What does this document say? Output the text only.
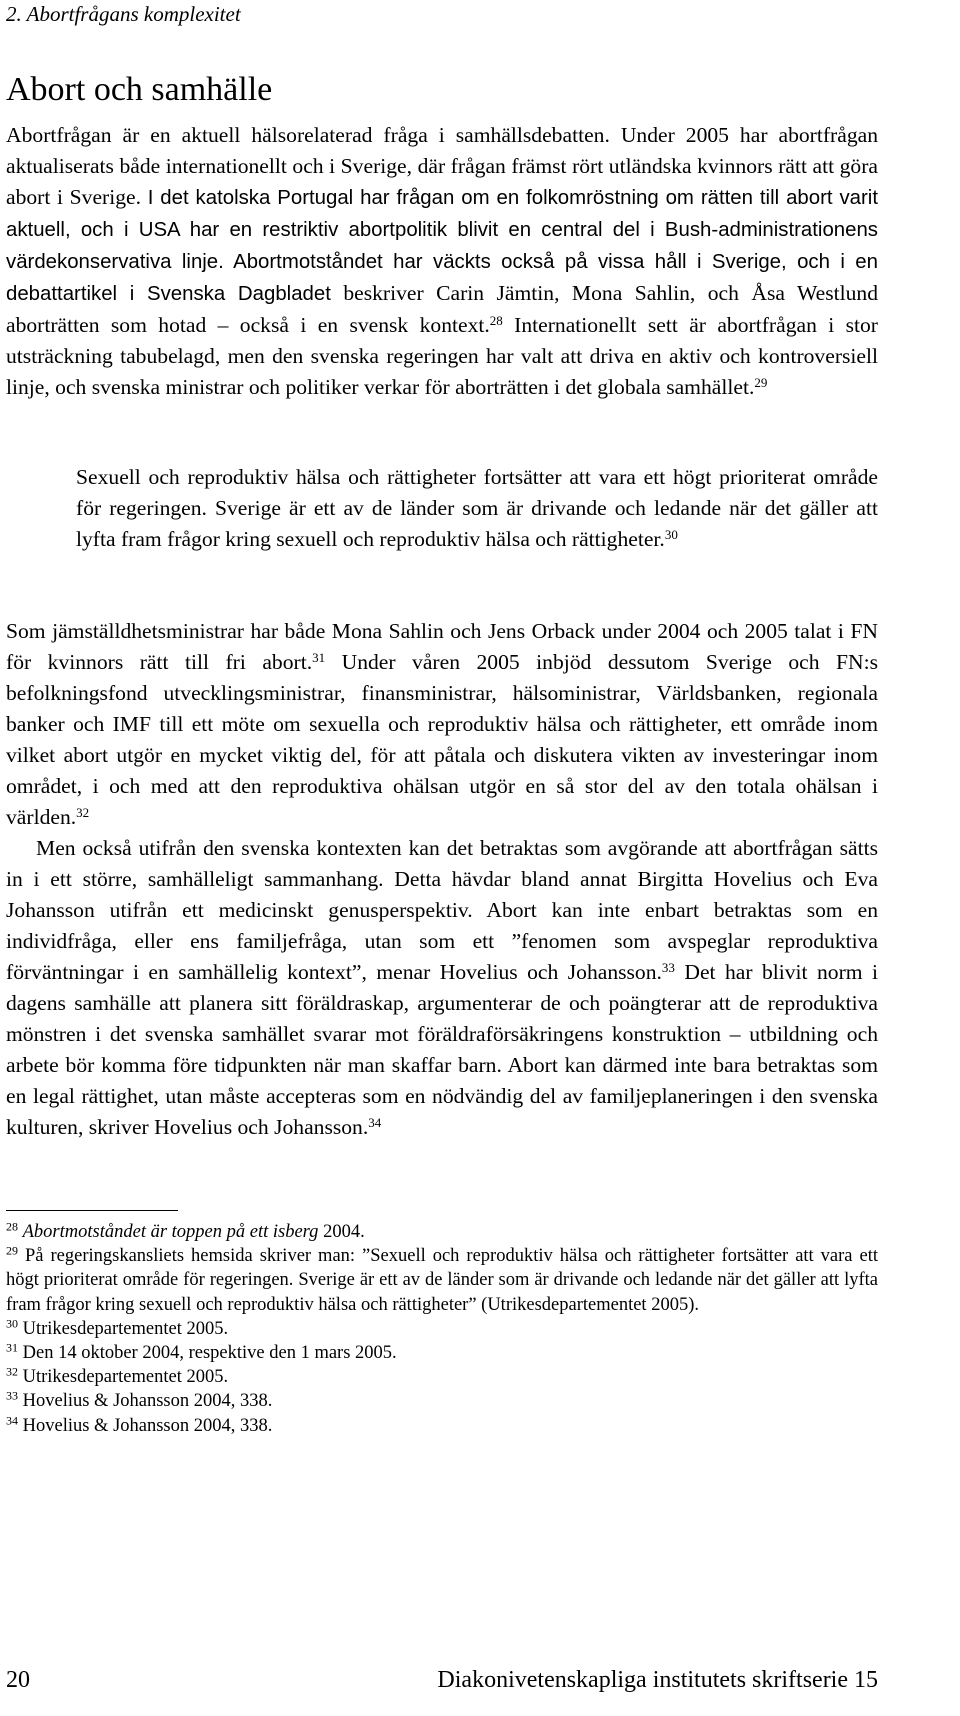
2. Abortfrågans komplexitet
Abort och samhälle

Abortfrågan är en aktuell hälsorelaterad fråga i samhällsdebatten. Under 2005 har abortfrågan aktualiserats både internationellt och i Sverige, där frågan främst rört utländska kvinnors rätt att göra abort i Sverige. I det katolska Portugal har frågan om en folkomröstning om rätten till abort varit aktuell, och i USA har en restriktiv abortpolitik blivit en central del i Bush-administrationens värdekonservativa linje. Abortmotståndet har väckts också på vissa håll i Sverige, och i en debattartikel i Svenska Dagbladet beskriver Carin Jämtin, Mona Sahlin, och Åsa Westlund aborträtten som hotad – också i en svensk kontext.$^{28}$ Internationellt sett är abortfrågan i stor utsträckning tabubelagd, men den svenska regeringen har valt att driva en aktiv och kontroversiell linje, och svenska ministrar och politiker verkar för aborträtten i det globala samhället.$^{29}$

Sexuell och reproduktiv hälsa och rättigheter fortsätter att vara ett högt prioriterat område för regeringen. Sverige är ett av de länder som är drivande och ledande när det gäller att lyfta fram frågor kring sexuell och reproduktiv hälsa och rättigheter.$^{30}$

Som jämställdhetsministrar har både Mona Sahlin och Jens Orback under 2004 och 2005 talat i FN för kvinnors rätt till fri abort.$^{31}$ Under våren 2005 inbjöd dessutom Sverige och FN:s befolkningsfond utvecklingsministrar, finansministrar, hälsoministrar, Världsbanken, regionala banker och IMF till ett möte om sexuella och reproduktiv hälsa och rättigheter, ett område inom vilket abort utgör en mycket viktig del, för att påtala och diskutera vikten av investeringar inom området, i och med att den reproduktiva ohälsan utgör en så stor del av den totala ohälsan i världen.$^{32}$

Men också utifrån den svenska kontexten kan det betraktas som avgörande att abortfrågan sätts in i ett större, samhälleligt sammanhang. Detta hävdar bland annat Birgitta Hovelius och Eva Johansson utifrån ett medicinskt genusperspektiv. Abort kan inte enbart betraktas som en individfråga, eller ens familjefråga, utan som ett ”fenomen som avspeglar reproduktiva förväntningar i en samhällelig kontext”, menar Hovelius och Johansson.$^{33}$ Det har blivit norm i dagens samhälle att planera sitt föräldraskap, argumenterar de och poängterar att de reproduktiva mönstren i det svenska samhället svarar mot föräldraförsäkringens konstruktion – utbildning och arbete bör komma före tidpunkten när man skaffar barn. Abort kan därmed inte bara betraktas som en legal rättighet, utan måste accepteras som en nödvändig del av familjeplaneringen i den svenska kulturen, skriver Hovelius och Johansson.$^{34}$

$^{28}$ Abortmotståndet är toppen på ett isberg 2004.

$^{29}$ På regeringskansliets hemsida skriver man: ”Sexuell och reproduktiv hälsa och rättigheter fortsätter att vara ett högt prioriterat område för regeringen. Sverige är ett av de länder som är drivande och ledande när det gäller att lyfta fram frågor kring sexuell och reproduktiv hälsa och rättigheter” (Utrikesdepartementet 2005).

$^{30}$ Utrikesdepartementet 2005.

$^{31}$ Den 14 oktober 2004, respektive den 1 mars 2005.

$^{32}$ Utrikesdepartementet 2005.

$^{33}$ Hovelius & Johansson 2004, 338.

$^{34}$ Hovelius & Johansson 2004, 338.

20	Diakonivetenskapliga institutets skriftserie 15
